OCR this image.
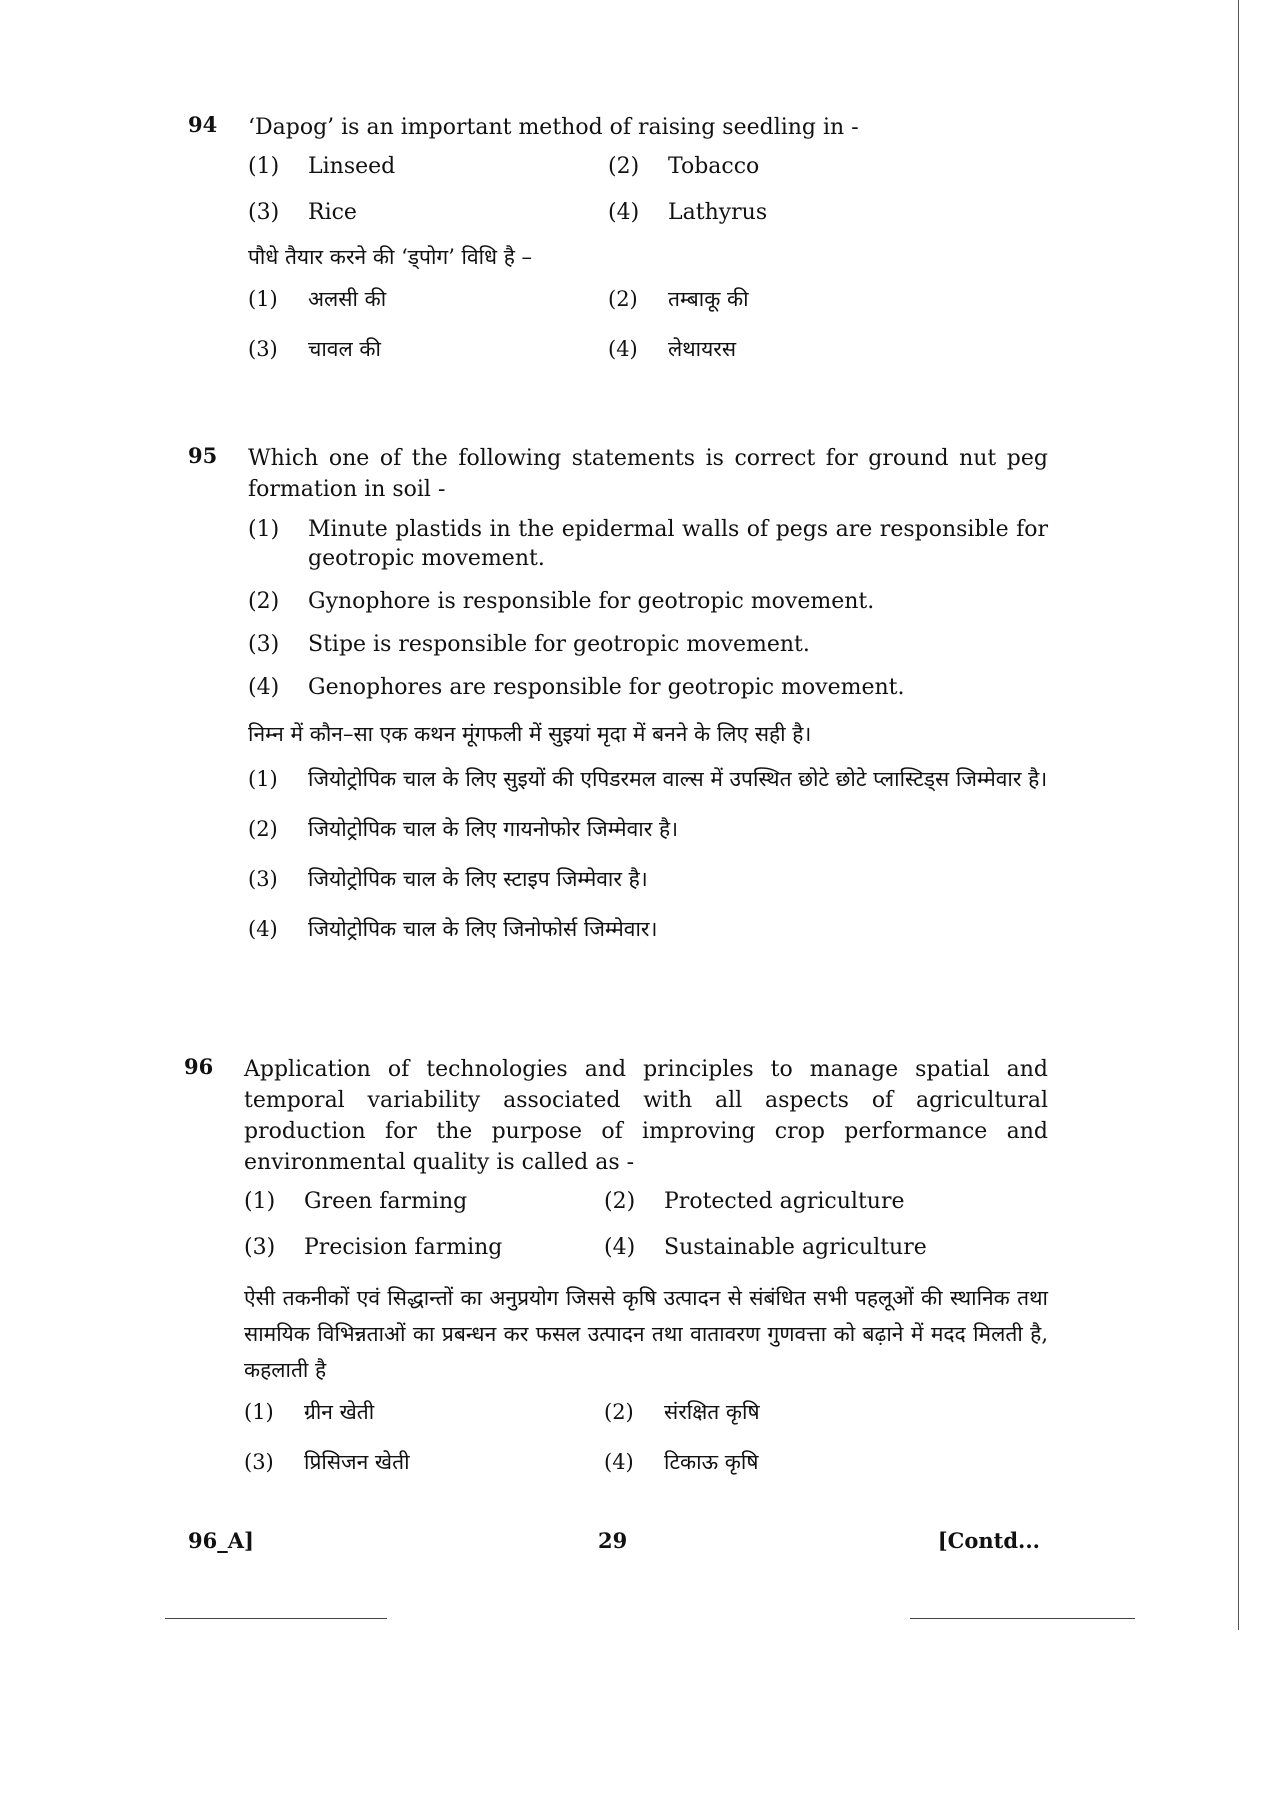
94 ‘Dapog’ is an important method of raising seedling in -
(1)	Linseed	(2)	Tobacco
(3)	Rice	(4)	Lathyrus
पौधे तैयार करने की ‘ड्पोग’ विधि है –
(1)	अलसी की	(2)	तम्बाकू की
(3)	चावल की	(4)	लेथायरस
95 Which one of the following statements is correct for ground nut peg formation in soil -
(1)	Minute plastids in the epidermal walls of pegs are responsible for geotropic movement.
(2)	Gynophore is responsible for geotropic movement.
(3)	Stipe is responsible for geotropic movement.
(4)	Genophores are responsible for geotropic movement.
निम्न में कौन–सा एक कथन मूंगफली में सुइयां मृदा में बनने के लिए सही है।
(1)	जियोट्रोपिक चाल के लिए सुइयों की एपिडरमल वाल्स में उपस्थित छोटे छोटे प्लास्टिड्स जिम्मेवार है।
(2)	जियोट्रोपिक चाल के लिए गायनोफोर जिम्मेवार है।
(3)	जियोट्रोपिक चाल के लिए स्टाइप जिम्मेवार है।
(4)	जियोट्रोपिक चाल के लिए जिनोफोर्स जिम्मेवार।
96 Application of technologies and principles to manage spatial and temporal variability associated with all aspects of agricultural production for the purpose of improving crop performance and environmental quality is called as -
(1)	Green farming	(2)	Protected agriculture
(3)	Precision farming	(4)	Sustainable agriculture
ऐसी तकनीकों एवं सिद्धान्तों का अनुप्रयोग जिससे कृषि उत्पादन से संबंधित सभी पहलूओं की स्थानिक तथा सामयिक विभिन्नताओं का प्रबन्धन कर फसल उत्पादन तथा वातावरण गुणवत्ता को बढ़ाने में मदद मिलती है, कहलाती है
(1)	ग्रीन खेती	(2)	संरक्षित कृषि
(3)	प्रिसिजन खेती	(4)	टिकाऊ कृषि
96_A]	29	[Contd...
